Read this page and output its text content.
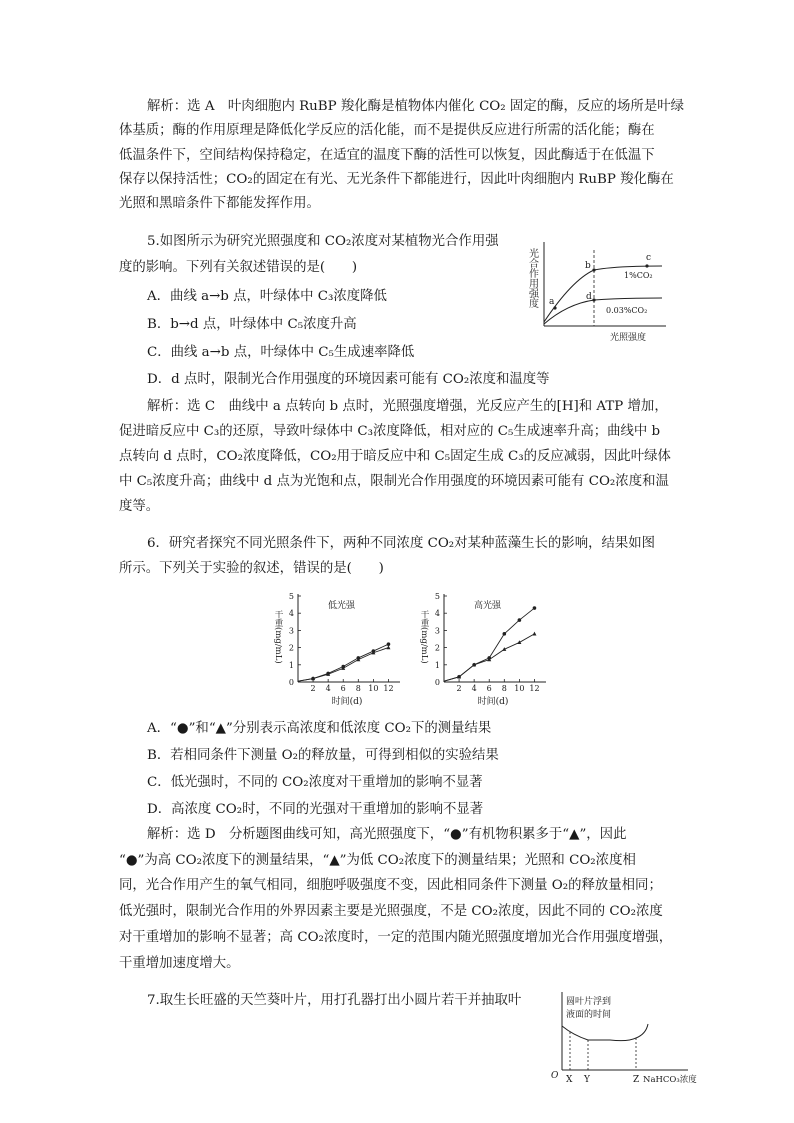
解析：选 A　叶肉细胞内 RuBP 羧化酶是植物体内催化 CO₂ 固定的酶，反应的场所是叶绿
体基质；酶的作用原理是降低化学反应的活化能，而不是提供反应进行所需的活化能；酶在
低温条件下，空间结构保持稳定，在适宜的温度下酶的活性可以恢复，因此酶适于在低温下
保存以保持活性；CO₂的固定在有光、无光条件下都能进行，因此叶肉细胞内 RuBP 羧化酶在
光照和黑暗条件下都能发挥作用。
5.如图所示为研究光照强度和 CO₂浓度对某植物光合作用强
度的影响。下列有关叙述错误的是(　　)
A．曲线 a→b 点，叶绿体中 C₃浓度降低
B．b→d 点，叶绿体中 C₅浓度升高
C．曲线 a→b 点，叶绿体中 C₅生成速率降低
D．d 点时，限制光合作用强度的环境因素可能有 CO₂浓度和温度等
解析：选 C　曲线中 a 点转向 b 点时，光照强度增强，光反应产生的[H]和 ATP 增加，
促进暗反应中 C₃的还原，导致叶绿体中 C₃浓度降低，相对应的 C₅生成速率升高；曲线中 b
点转向 d 点时，CO₂浓度降低，CO₂用于暗反应中和 C₅固定生成 C₃的反应减弱，因此叶绿体
中 C₅浓度升高；曲线中 d 点为光饱和点，限制光合作用强度的环境因素可能有 CO₂浓度和温
度等。
光合作用强度 a
b
c
d
1%CO₂
0.03%CO₂
光照强度
6．研究者探究不同光照条件下，两种不同浓度 CO₂对某种蓝藻生长的影响，结果如图
所示。下列关于实验的叙述，错误的是(　　)
0
1
2
3
4
5
2 4 6 8 10 12
低光强
时间(d)
干重(mg/mL)
0
1
2
3
4
5
2 4 6 8 10 12
高光强
时间(d)
干重(mg/mL)
A．“●”和“▲”分别表示高浓度和低浓度 CO₂下的测量结果
B．若相同条件下测量 O₂的释放量，可得到相似的实验结果
C．低光强时，不同的 CO₂浓度对干重增加的影响不显著
D．高浓度 CO₂时，不同的光强对干重增加的影响不显著
解析：选 D　分析题图曲线可知，高光照强度下，“●”有机物积累多于“▲”，因此
“●”为高 CO₂浓度下的测量结果，“▲”为低 CO₂浓度下的测量结果；光照和 CO₂浓度相
同，光合作用产生的氧气相同，细胞呼吸强度不变，因此相同条件下测量 O₂的释放量相同；
低光强时，限制光合作用的外界因素主要是光照强度，不是 CO₂浓度，因此不同的 CO₂浓度
对干重增加的影响不显著；高 CO₂浓度时，一定的范围内随光照强度增加光合作用强度增强，
干重增加速度增大。
7.取生长旺盛的天竺葵叶片，用打孔器打出小圆片若干并抽取叶	圆叶片浮到
液面的时间
O X Y	Z NaHCO₃浓度
